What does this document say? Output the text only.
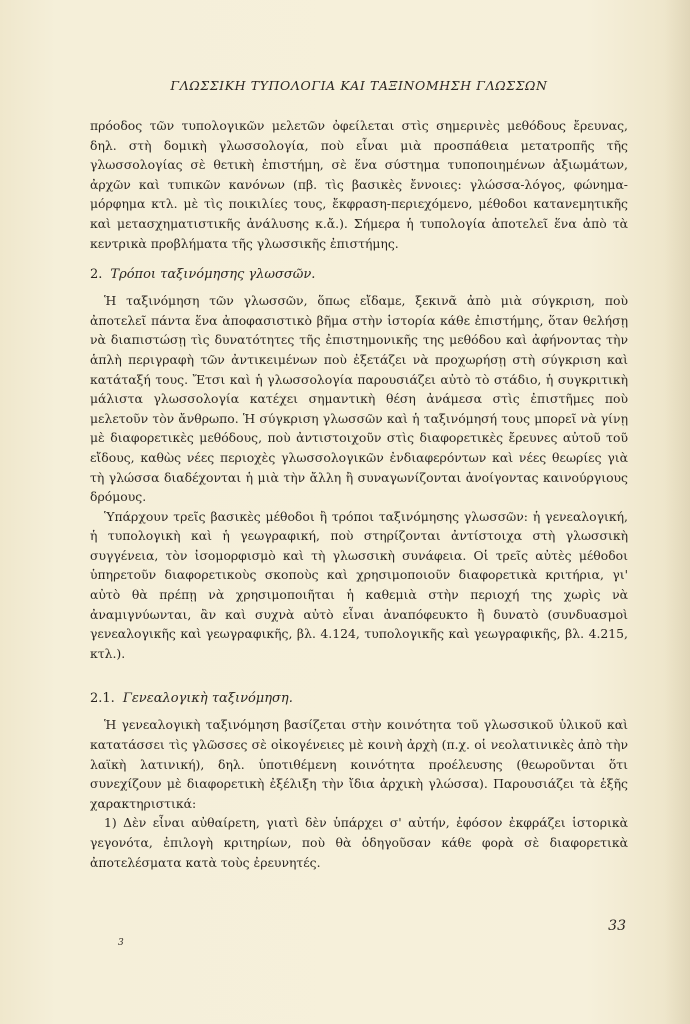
ΓΛΩΣΣΙΚΗ ΤΥΠΟΛΟΓΙΑ ΚΑΙ ΤΑΞΙΝΟΜΗΣΗ ΓΛΩΣΣΩΝ

πρόοδος τῶν τυπολογικῶν μελετῶν ὀφείλεται στὶς σημερινὲς μεθόδους ἔρευνας, δηλ. στὴ δομικὴ γλωσσολογία, ποὺ εἶναι μιὰ προσπάθεια μετατροπῆς τῆς γλωσσολογίας σὲ θετικὴ ἐπιστήμη, σὲ ἕνα σύστημα τυποποιημένων ἀξιωμάτων, ἀρχῶν καὶ τυπικῶν κανόνων (πβ. τὶς βασικὲς ἔννοιες: γλώσσα-λόγος, φώνημα-μόρφημα κτλ. μὲ τὶς ποικιλίες τους, ἔκφραση-περιεχόμενο, μέθοδοι κατανεμητικῆς καὶ μετασχηματιστικῆς ἀνάλυσης κ.ἄ.). Σήμερα ἡ τυπολογία ἀποτελεῖ ἕνα ἀπὸ τὰ κεντρικὰ προβλήματα τῆς γλωσσικῆς ἐπιστήμης.

2. Τρόποι ταξινόμησης γλωσσῶν.

Ἡ ταξινόμηση τῶν γλωσσῶν, ὅπως εἴδαμε, ξεκινᾶ ἀπὸ μιὰ σύγκριση, ποὺ ἀποτελεῖ πάντα ἕνα ἀποφασιστικὸ βῆμα στὴν ἱστορία κάθε ἐπιστήμης, ὅταν θελήσῃ νὰ διαπιστώσῃ τὶς δυνατότητες τῆς ἐπιστημονικῆς της μεθόδου καὶ ἀφήνοντας τὴν ἁπλὴ περιγραφὴ τῶν ἀντικειμένων ποὺ ἐξετάζει νὰ προχωρήσῃ στὴ σύγκριση καὶ κατάταξή τους. Ἔτσι καὶ ἡ γλωσσολογία παρουσιάζει αὐτὸ τὸ στάδιο, ἡ συγκριτικὴ μάλιστα γλωσσολογία κατέχει σημαντικὴ θέση ἀνάμεσα στὶς ἐπιστῆμες ποὺ μελετοῦν τὸν ἄνθρωπο. Ἡ σύγκριση γλωσσῶν καὶ ἡ ταξινόμησή τους μπορεῖ νὰ γίνῃ μὲ διαφορετικὲς μεθόδους, ποὺ ἀντιστοιχοῦν στὶς διαφορετικὲς ἔρευνες αὐτοῦ τοῦ εἴδους, καθὼς νέες περιοχὲς γλωσσολογικῶν ἐνδιαφερόντων καὶ νέες θεωρίες γιὰ τὴ γλώσσα διαδέχονται ἡ μιὰ τὴν ἄλλη ἢ συναγωνίζονται ἀνοίγοντας καινούργιους δρόμους.

Ὑπάρχουν τρεῖς βασικὲς μέθοδοι ἢ τρόποι ταξινόμησης γλωσσῶν: ἡ γενεαλογική, ἡ τυπολογικὴ καὶ ἡ γεωγραφική, ποὺ στηρίζονται ἀντίστοιχα στὴ γλωσσικὴ συγγένεια, τὸν ἰσομορφισμὸ καὶ τὴ γλωσσικὴ συνάφεια. Οἱ τρεῖς αὐτὲς μέθοδοι ὑπηρετοῦν διαφορετικοὺς σκοποὺς καὶ χρησιμοποιοῦν διαφορετικὰ κριτήρια, γι' αὐτὸ θὰ πρέπῃ νὰ χρησιμοποιῆται ἡ καθεμιὰ στὴν περιοχή της χωρὶς νὰ ἀναμιγνύωνται, ἂν καὶ συχνὰ αὐτὸ εἶναι ἀναπόφευκτο ἢ δυνατὸ (συνδυασμοὶ γενεαλογικῆς καὶ γεωγραφικῆς, βλ. 4.124, τυπολογικῆς καὶ γεωγραφικῆς, βλ. 4.215, κτλ.).

2.1. Γενεαλογικὴ ταξινόμηση.

Ἡ γενεαλογικὴ ταξινόμηση βασίζεται στὴν κοινότητα τοῦ γλωσσικοῦ ὑλικοῦ καὶ κατατάσσει τὶς γλῶσσες σὲ οἰκογένειες μὲ κοινὴ ἀρχὴ (π.χ. οἱ νεολατινικὲς ἀπὸ τὴν λαϊκὴ λατινική), δηλ. ὑποτιθέμενη κοινότητα προέλευσης (θεωροῦνται ὅτι συνεχίζουν μὲ διαφορετικὴ ἐξέλιξη τὴν ἴδια ἀρχικὴ γλώσσα). Παρουσιάζει τὰ ἑξῆς χαρακτηριστικά:

1) Δὲν εἶναι αὐθαίρετη, γιατὶ δὲν ὑπάρχει σ' αὐτήν, ἐφόσον ἐκφράζει ἱστορικὰ γεγονότα, ἐπιλογὴ κριτηρίων, ποὺ θὰ ὁδηγοῦσαν κάθε φορὰ σὲ διαφορετικὰ ἀποτελέσματα κατὰ τοὺς ἐρευνητές.

33
3
